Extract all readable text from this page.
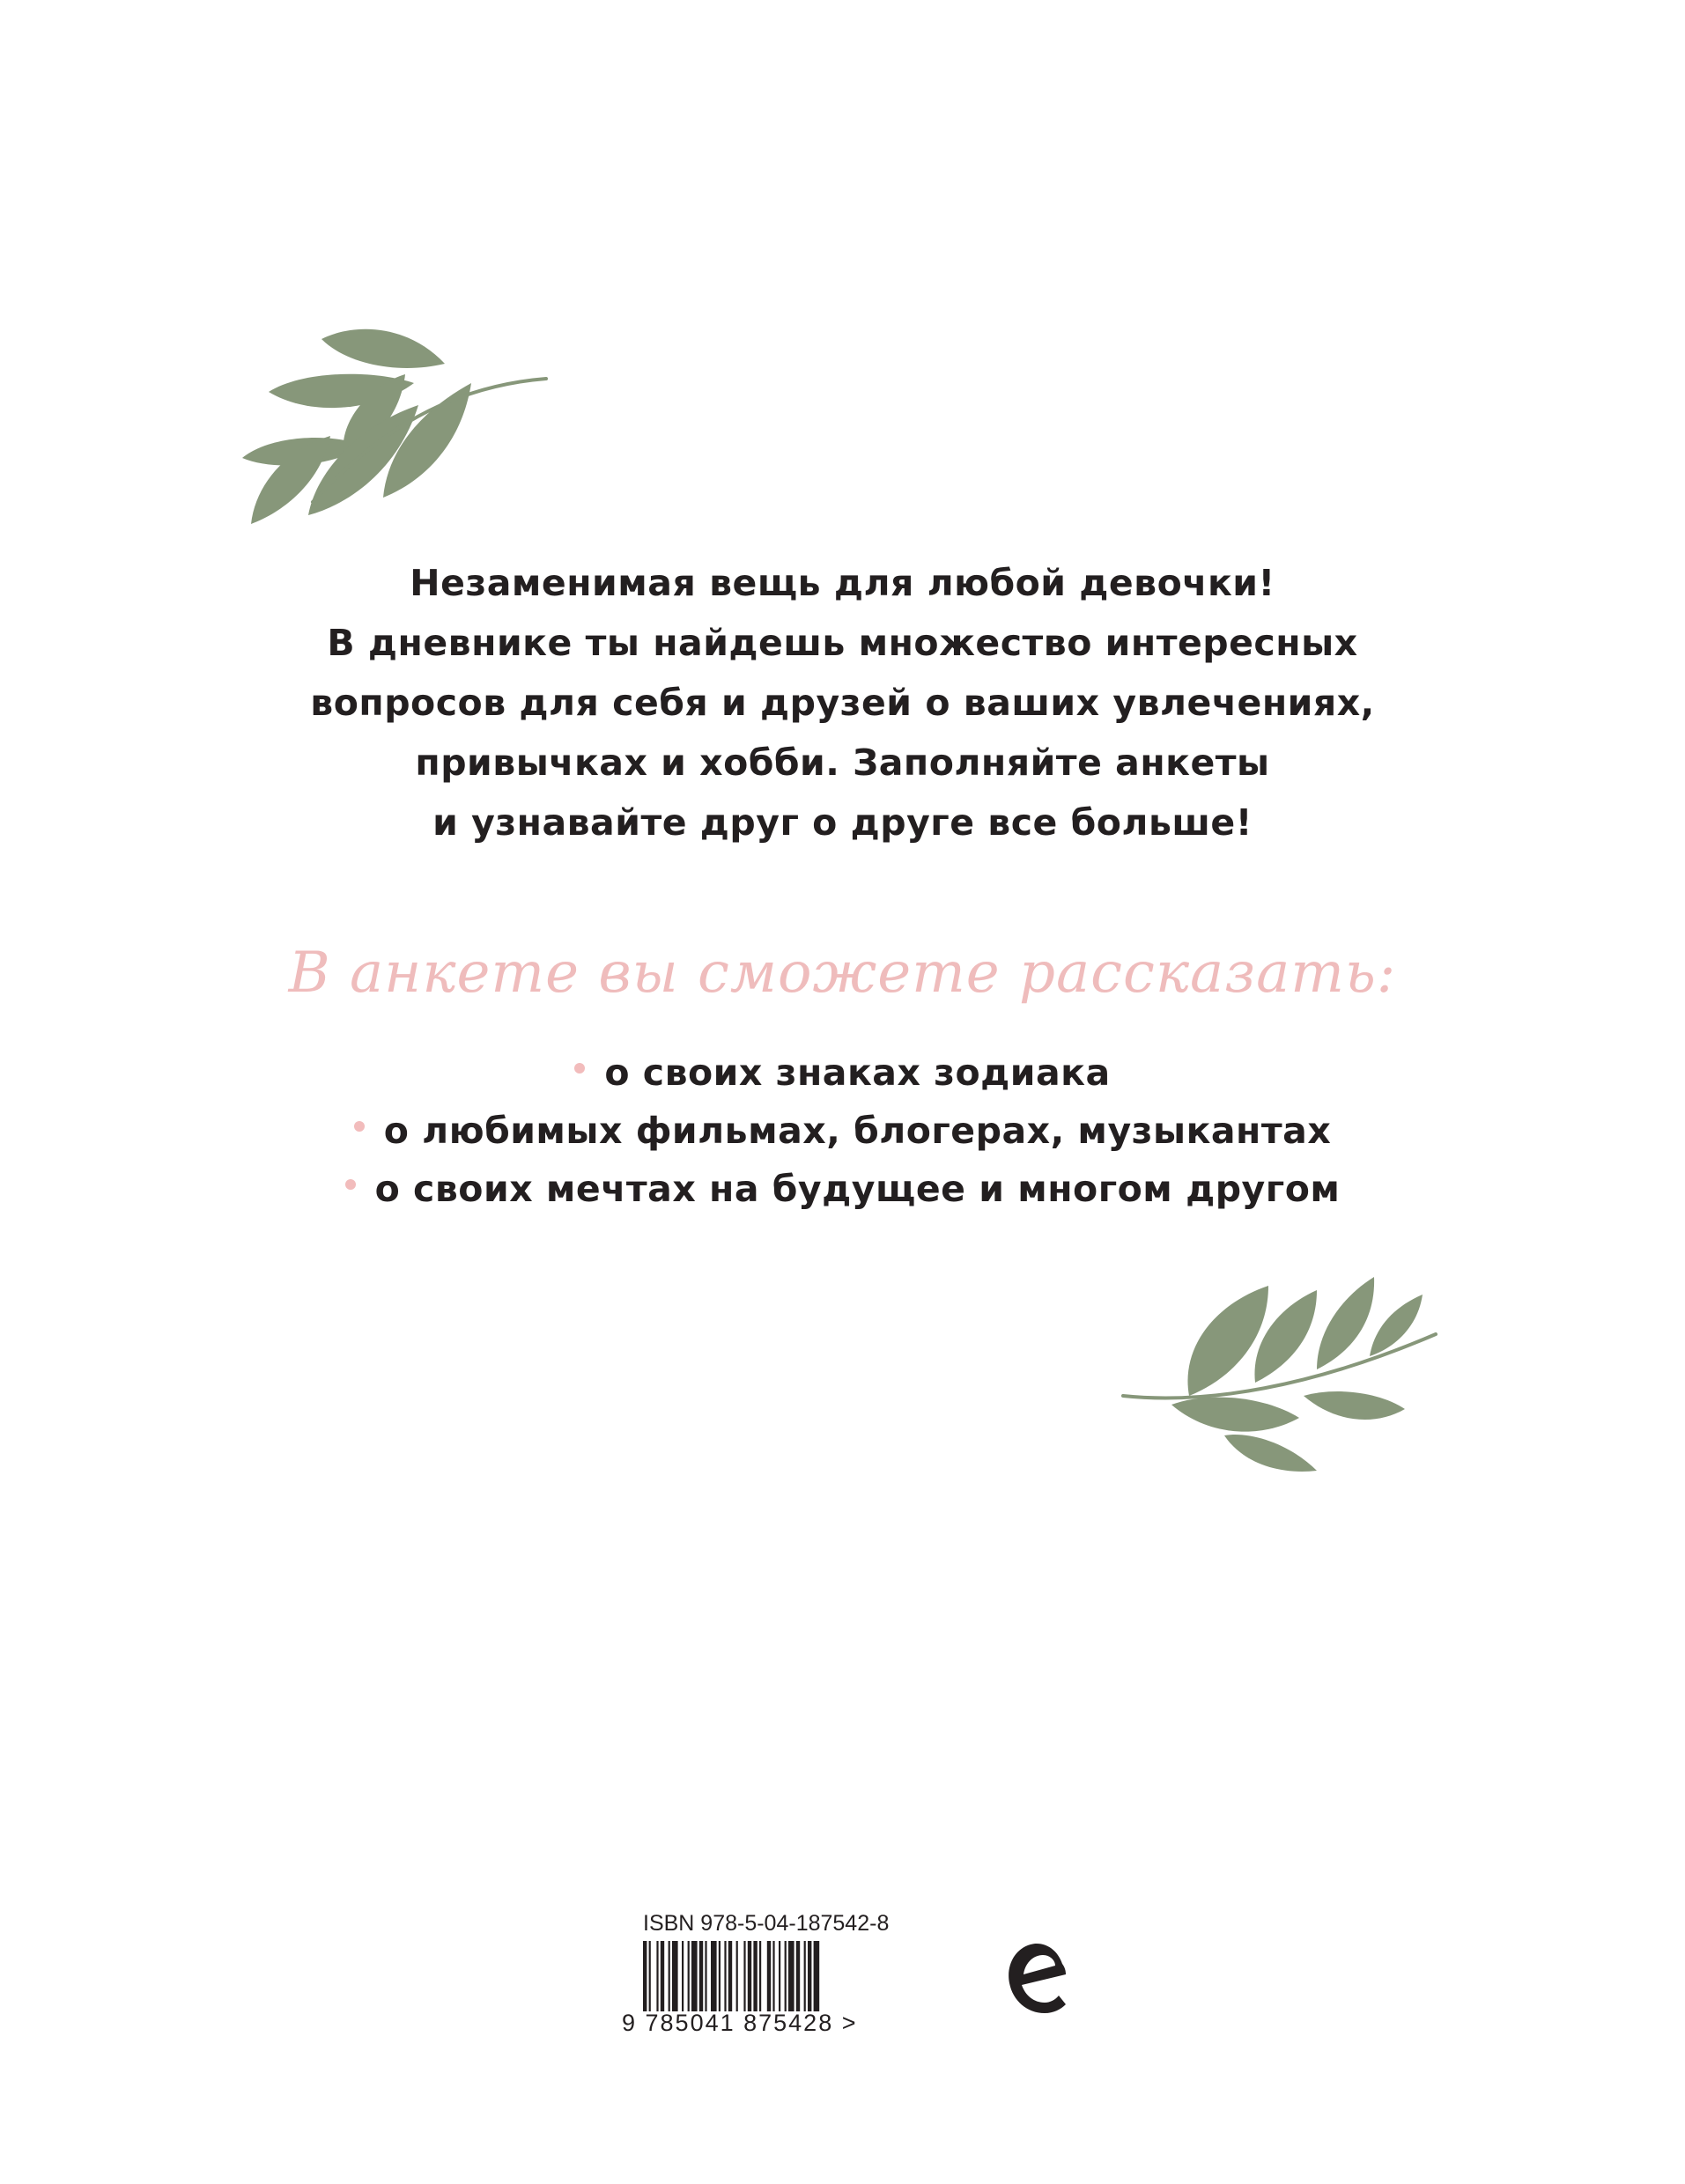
Незаменимая вещь для любой девочки!
В дневнике ты найдешь множество интересных
вопросов для себя и друзей о ваших увлечениях,
привычках и хобби. Заполняйте анкеты
и узнавайте друг о друге все больше!
В анкете вы сможете рассказать:
о своих знаках зодиака
о любимых фильмах, блогерах, музыкантах
о своих мечтах на будущее и многом другом
ISBN 978-5-04-187542-8
9 785041 875428 >
